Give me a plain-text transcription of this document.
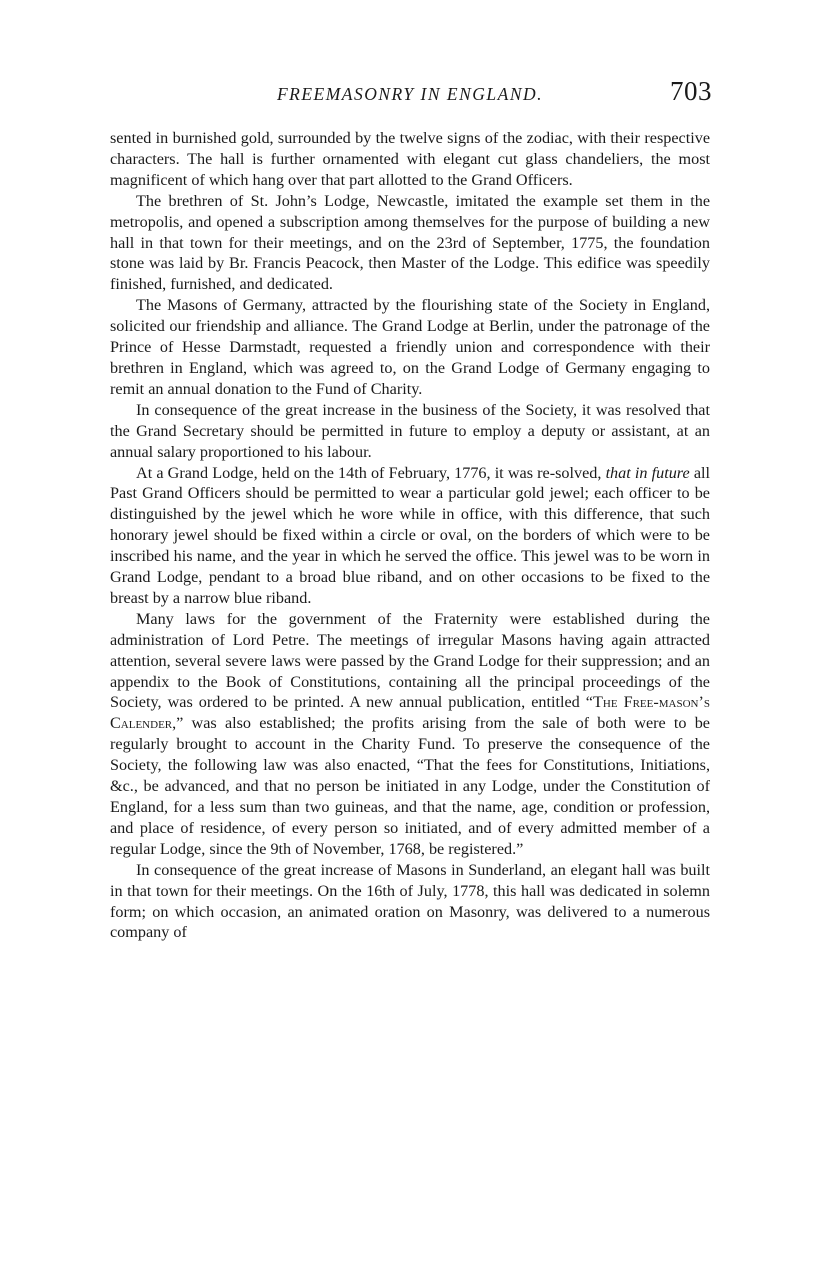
FREEMASONRY IN ENGLAND.	703

sented in burnished gold, surrounded by the twelve signs of the zodiac, with their respective characters. The hall is further ornamented with elegant cut glass chandeliers, the most magnificent of which hang over that part allotted to the Grand Officers.

The brethren of St. John’s Lodge, Newcastle, imitated the example set them in the metropolis, and opened a subscription among themselves for the purpose of building a new hall in that town for their meetings, and on the 23rd of September, 1775, the foundation stone was laid by Br. Francis Peacock, then Master of the Lodge. This edifice was speedily finished, furnished, and dedicated.

The Masons of Germany, attracted by the flourishing state of the Society in England, solicited our friendship and alliance. The Grand Lodge at Berlin, under the patronage of the Prince of Hesse Darmstadt, requested a friendly union and correspondence with their brethren in England, which was agreed to, on the Grand Lodge of Germany engaging to remit an annual donation to the Fund of Charity.

In consequence of the great increase in the business of the Society, it was resolved that the Grand Secretary should be permitted in future to employ a deputy or assistant, at an annual salary proportioned to his labour.

At a Grand Lodge, held on the 14th of February, 1776, it was re-solved, that in future all Past Grand Officers should be permitted to wear a particular gold jewel; each officer to be distinguished by the jewel which he wore while in office, with this difference, that such honorary jewel should be fixed within a circle or oval, on the borders of which were to be inscribed his name, and the year in which he served the office. This jewel was to be worn in Grand Lodge, pendant to a broad blue riband, and on other occasions to be fixed to the breast by a narrow blue riband.

Many laws for the government of the Fraternity were established during the administration of Lord Petre. The meetings of irregular Masons having again attracted attention, several severe laws were passed by the Grand Lodge for their suppression; and an appendix to the Book of Constitutions, containing all the principal proceedings of the Society, was ordered to be printed. A new annual publication, entitled “The Free-mason’s Calender,” was also established; the profits arising from the sale of both were to be regularly brought to account in the Charity Fund. To preserve the consequence of the Society, the following law was also enacted, “That the fees for Constitutions, Initiations, &c., be advanced, and that no person be initiated in any Lodge, under the Constitution of England, for a less sum than two guineas, and that the name, age, condition or profession, and place of residence, of every person so initiated, and of every admitted member of a regular Lodge, since the 9th of November, 1768, be registered.”

In consequence of the great increase of Masons in Sunderland, an elegant hall was built in that town for their meetings. On the 16th of July, 1778, this hall was dedicated in solemn form; on which occasion, an animated oration on Masonry, was delivered to a numerous company of
